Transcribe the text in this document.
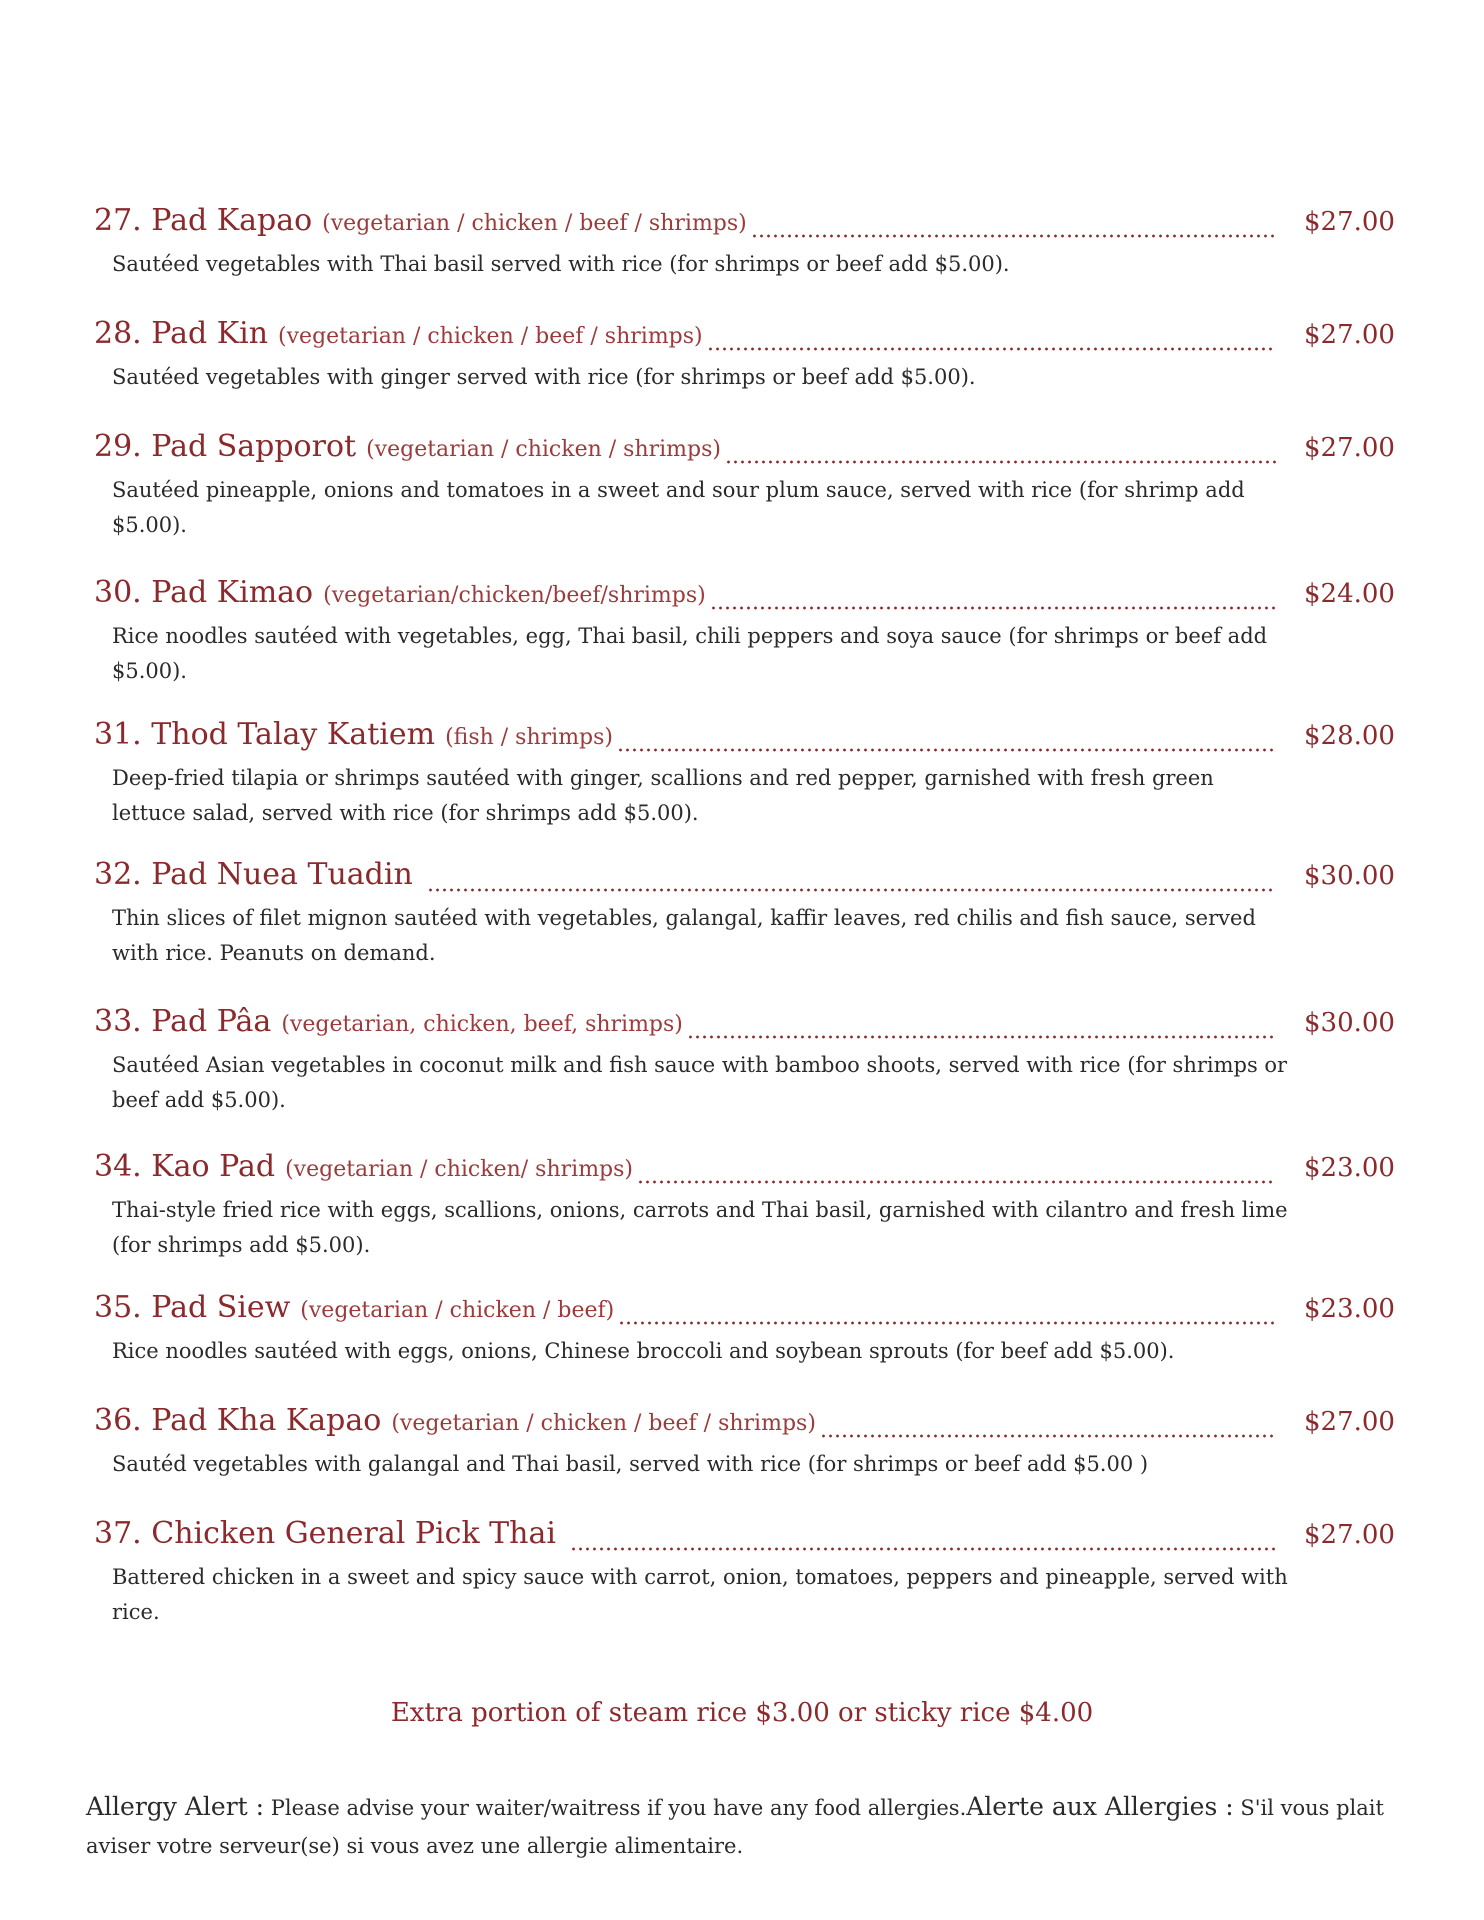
27. Pad Kapao (vegetarian / chicken / beef / shrimps)	$27.00
Sautéed vegetables with Thai basil served with rice (for shrimps or beef add $5.00).
28. Pad Kin (vegetarian / chicken / beef / shrimps)	$27.00
Sautéed vegetables with ginger served with rice (for shrimps or beef add $5.00).
29. Pad Sapporot (vegetarian / chicken / shrimps)	$27.00
Sautéed pineapple, onions and tomatoes in a sweet and sour plum sauce, served with rice (for shrimp add $5.00).
30. Pad Kimao (vegetarian/chicken/beef/shrimps)	$24.00
Rice noodles sautéed with vegetables, egg, Thai basil, chili peppers and soya sauce (for shrimps or beef add $5.00).
31. Thod Talay Katiem (fish / shrimps)	$28.00
Deep-fried tilapia or shrimps sautéed with ginger, scallions and red pepper, garnished with fresh green lettuce salad, served with rice (for shrimps add $5.00).
32. Pad Nuea Tuadin	$30.00
Thin slices of filet mignon sautéed with vegetables, galangal, kaffir leaves, red chilis and fish sauce, served with rice. Peanuts on demand.
33. Pad Pâa (vegetarian, chicken, beef, shrimps)	$30.00
Sautéed Asian vegetables in coconut milk and fish sauce with bamboo shoots, served with rice (for shrimps or beef add $5.00).
34. Kao Pad (vegetarian / chicken/ shrimps)	$23.00
Thai-style fried rice with eggs, scallions, onions, carrots and Thai basil, garnished with cilantro and fresh lime (for shrimps add $5.00).
35. Pad Siew (vegetarian / chicken / beef)	$23.00
Rice noodles sautéed with eggs, onions, Chinese broccoli and soybean sprouts (for beef add $5.00).
36. Pad Kha Kapao (vegetarian / chicken / beef / shrimps)	$27.00
Sautéd vegetables with galangal and Thai basil, served with rice (for shrimps or beef add $5.00 )
37. Chicken General Pick Thai	$27.00
Battered chicken in a sweet and spicy sauce with carrot, onion, tomatoes, peppers and pineapple, served with rice.
Extra portion of steam rice $3.00 or sticky rice $4.00
Allergy Alert : Please advise your waiter/waitress if you have any food allergies.Alerte aux Allergies : S'il vous plait aviser votre serveur(se) si vous avez une allergie alimentaire.
